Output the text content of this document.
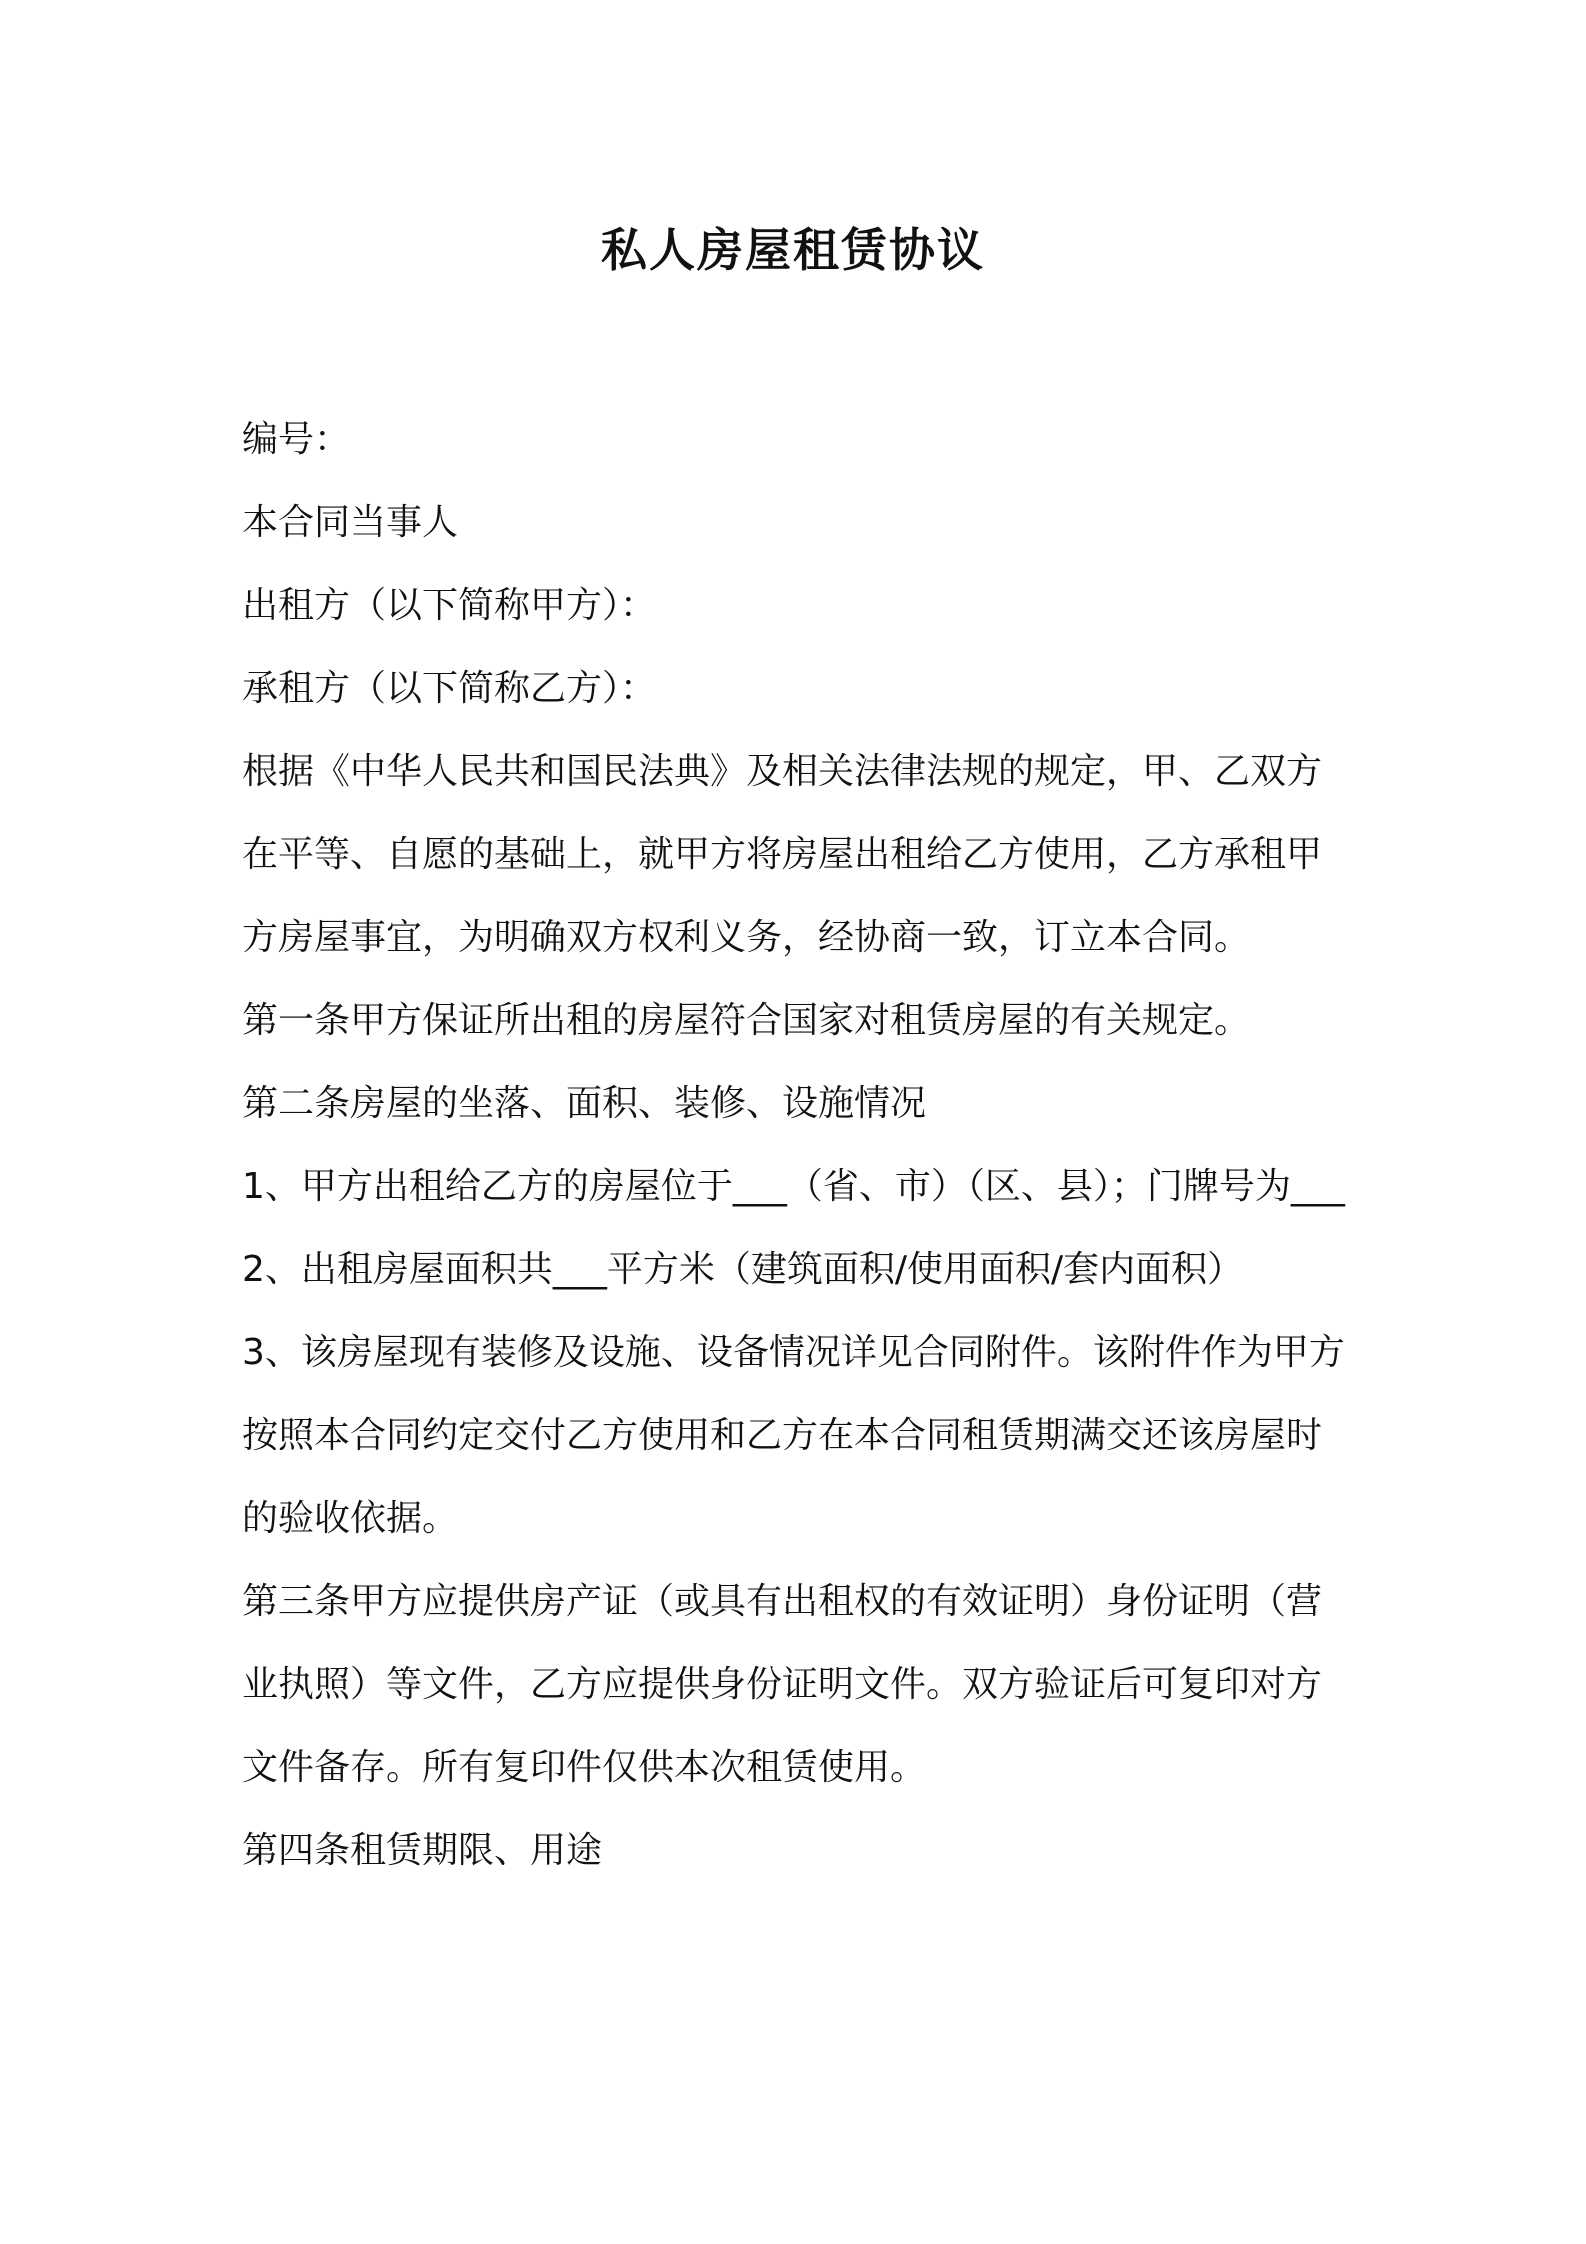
私人房屋租赁协议

编号：

本合同当事人

出租方（以下简称甲方）：

承租方（以下简称乙方）：

根据《中华人民共和国民法典》及相关法律法规的规定，甲、乙双方在平等、自愿的基础上，就甲方将房屋出租给乙方使用，乙方承租甲方房屋事宜，为明确双方权利义务，经协商一致，订立本合同。

第一条甲方保证所出租的房屋符合国家对租赁房屋的有关规定。

第二条房屋的坐落、面积、装修、设施情况

1、甲方出租给乙方的房屋位于___（省、市）（区、县）；门牌号为___

2、出租房屋面积共___平方米（建筑面积/使用面积/套内面积）

3、该房屋现有装修及设施、设备情况详见合同附件。该附件作为甲方按照本合同约定交付乙方使用和乙方在本合同租赁期满交还该房屋时的验收依据。

第三条甲方应提供房产证（或具有出租权的有效证明）身份证明（营业执照）等文件，乙方应提供身份证明文件。双方验证后可复印对方文件备存。所有复印件仅供本次租赁使用。

第四条租赁期限、用途
